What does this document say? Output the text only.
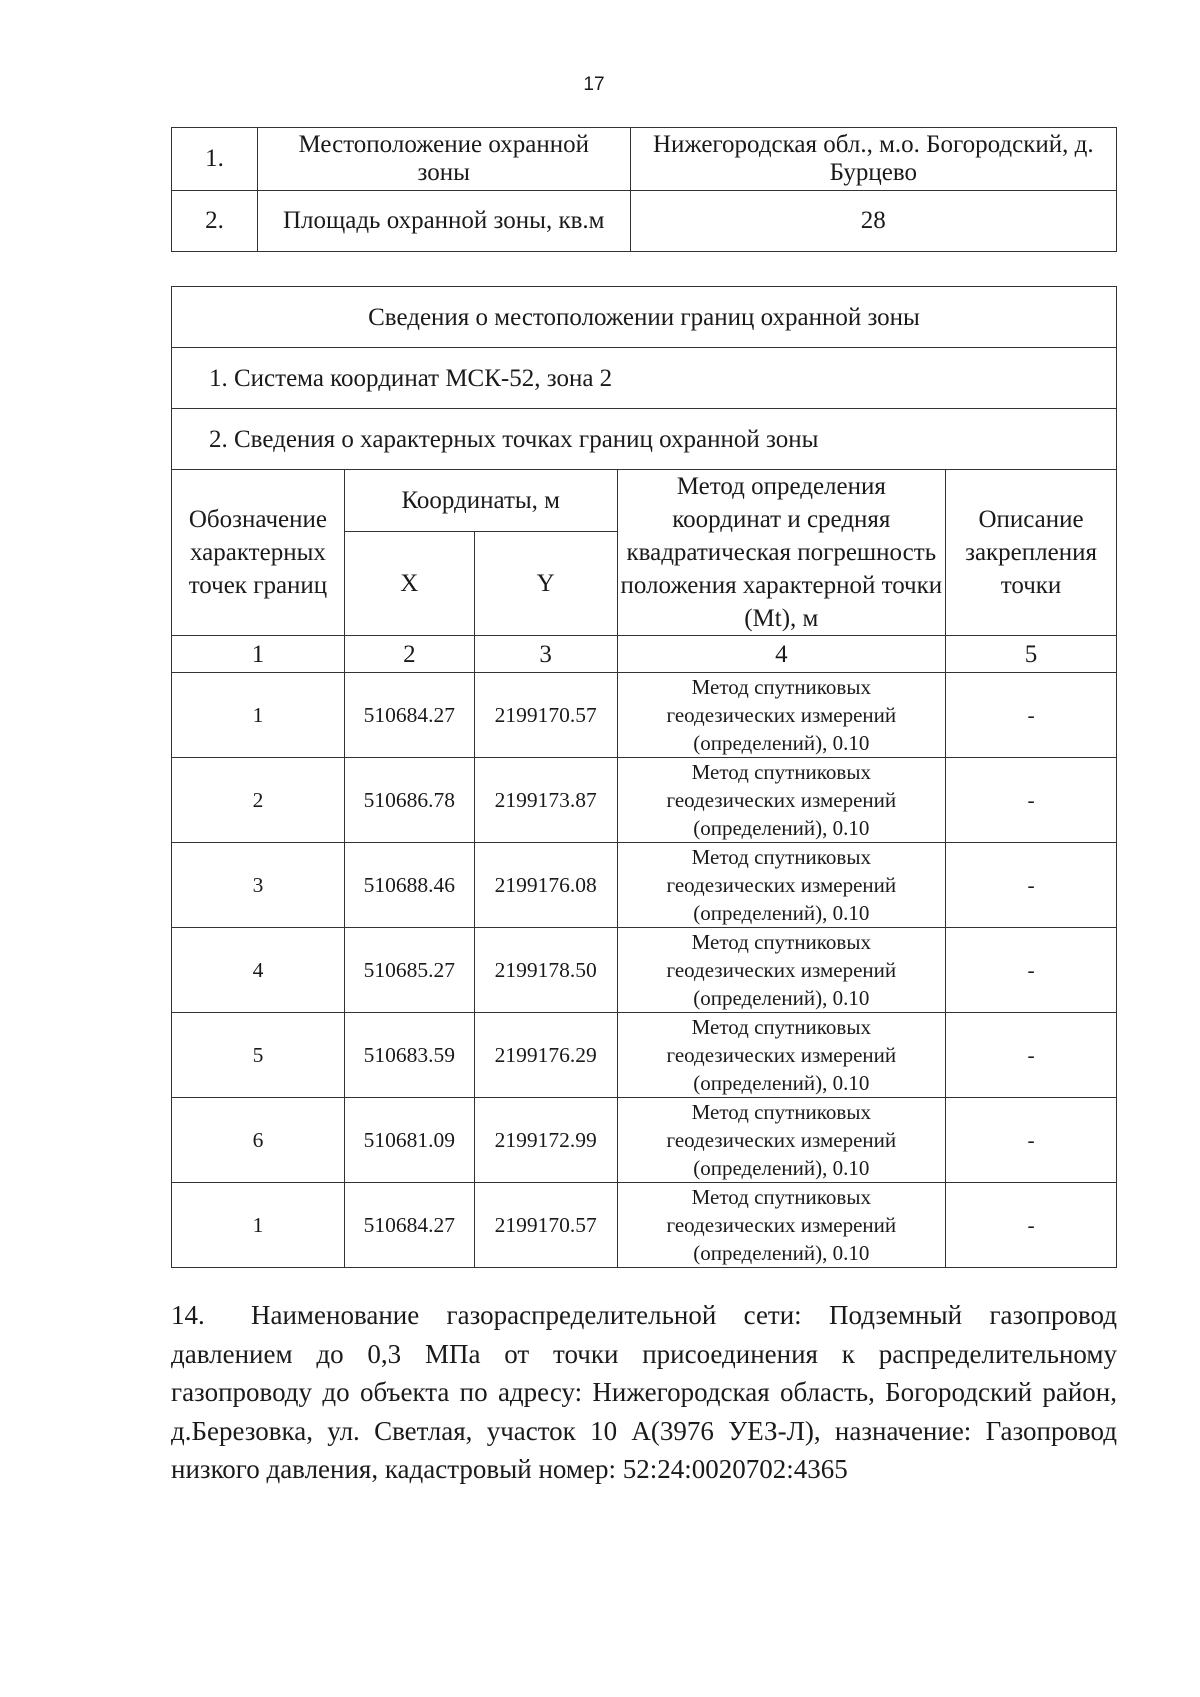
17
1.	Местоположение охранной зоны	Нижегородская обл., м.о. Богородский, д. Бурцево
2.	Площадь охранной зоны, кв.м	28
Сведения о местоположении границ охранной зоны				
1. Система координат МСК-52, зона 2				
2. Сведения о характерных точках границ охранной зоны				
Обозначение характерных точек границ	Координаты, м		Метод определения координат и средняя квадратическая погрешность положения характерной точки (Mt), м	Описание закрепления точки
	X	Y		
1	2	3	4	5
1	510684.27	2199170.57	Метод спутниковых геодезических измерений (определений), 0.10	-
2	510686.78	2199173.87	Метод спутниковых геодезических измерений (определений), 0.10	-
3	510688.46	2199176.08	Метод спутниковых геодезических измерений (определений), 0.10	-
4	510685.27	2199178.50	Метод спутниковых геодезических измерений (определений), 0.10	-
5	510683.59	2199176.29	Метод спутниковых геодезических измерений (определений), 0.10	-
6	510681.09	2199172.99	Метод спутниковых геодезических измерений (определений), 0.10	-
1	510684.27	2199170.57	Метод спутниковых геодезических измерений (определений), 0.10	-
14. Наименование газораспределительной сети: Подземный газопровод давлением до 0,3 МПа от точки присоединения к распределительному газопроводу до объекта по адресу: Нижегородская область, Богородский район, д.Березовка, ул. Светлая, участок 10 А(3976 УЕЗ-Л), назначение: Газопровод низкого давления, кадастровый номер: 52:24:0020702:4365
